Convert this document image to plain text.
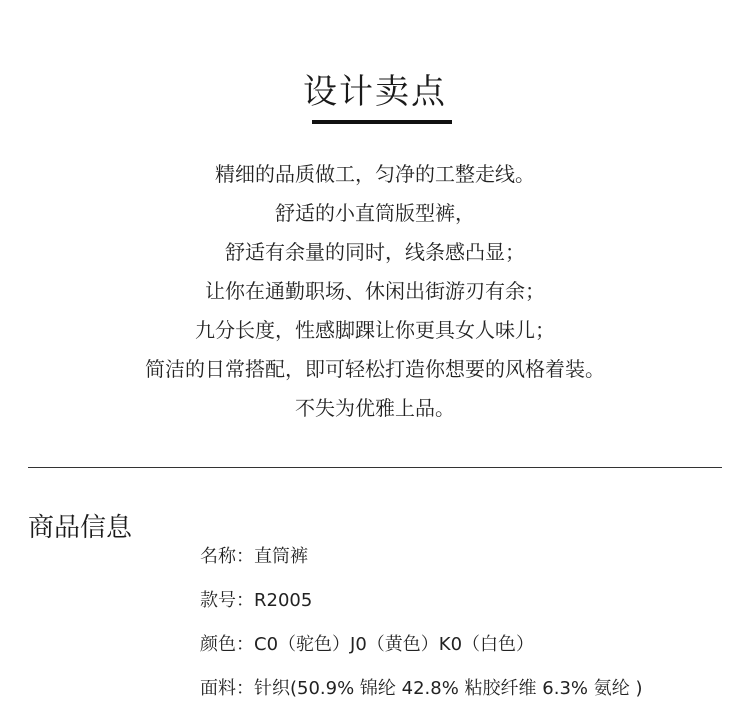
设计卖点
精细的品质做工，匀净的工整走线。
舒适的小直筒版型裤，
舒适有余量的同时，线条感凸显；
让你在通勤职场、休闲出街游刃有余；
九分长度，性感脚踝让你更具女人味儿；
简洁的日常搭配，即可轻松打造你想要的风格着装。
不失为优雅上品。
商品信息
名称：直筒裤
款号：R2005
颜色：C0（驼色）J0（黄色）K0（白色）
面料：针织(50.9% 锦纶 42.8% 粘胶纤维 6.3% 氨纶 )
